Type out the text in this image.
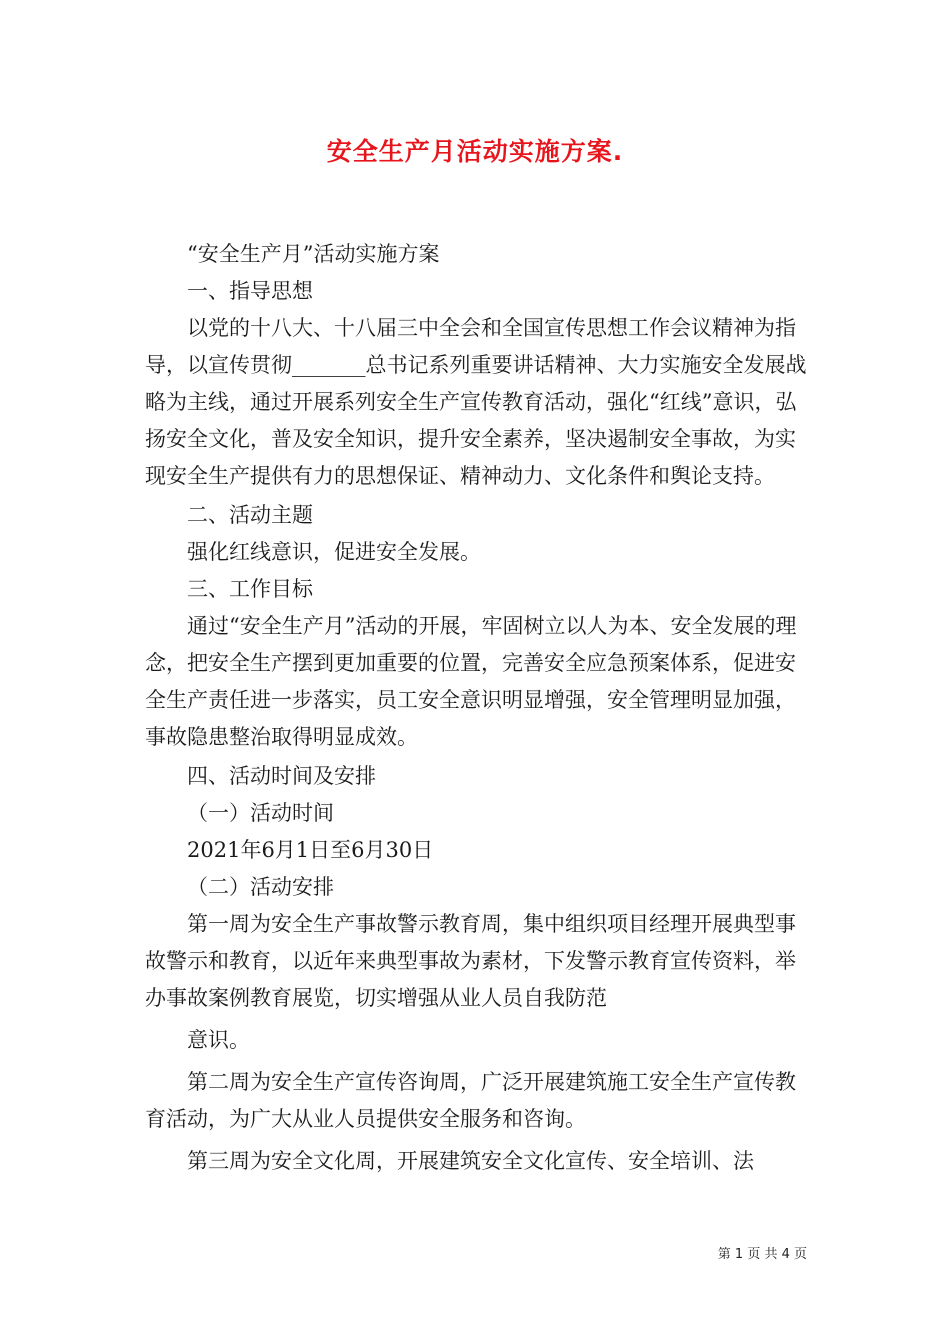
安全生产月活动实施方案.

“安全生产月”活动实施方案

一、指导思想

以党的十八大、十八届三中全会和全国宣传思想工作会议精神为指导，以宣传贯彻_______总书记系列重要讲话精神、大力实施安全发展战略为主线，通过开展系列安全生产宣传教育活动，强化“红线”意识，弘扬安全文化，普及安全知识，提升安全素养，坚决遏制安全事故，为实现安全生产提供有力的思想保证、精神动力、文化条件和舆论支持。

二、活动主题

强化红线意识，促进安全发展。

三、工作目标

通过“安全生产月”活动的开展，牢固树立以人为本、安全发展的理念，把安全生产摆到更加重要的位置，完善安全应急预案体系，促进安全生产责任进一步落实，员工安全意识明显增强，安全管理明显加强，事故隐患整治取得明显成效。

四、活动时间及安排

（一）活动时间

2021年6月1日至6月30日

（二）活动安排

第一周为安全生产事故警示教育周，集中组织项目经理开展典型事故警示和教育，以近年来典型事故为素材，下发警示教育宣传资料，举办事故案例教育展览，切实增强从业人员自我防范

意识。

第二周为安全生产宣传咨询周，广泛开展建筑施工安全生产宣传教育活动，为广大从业人员提供安全服务和咨询。

第三周为安全文化周，开展建筑安全文化宣传、安全培训、法

第 1 页 共 4 页
